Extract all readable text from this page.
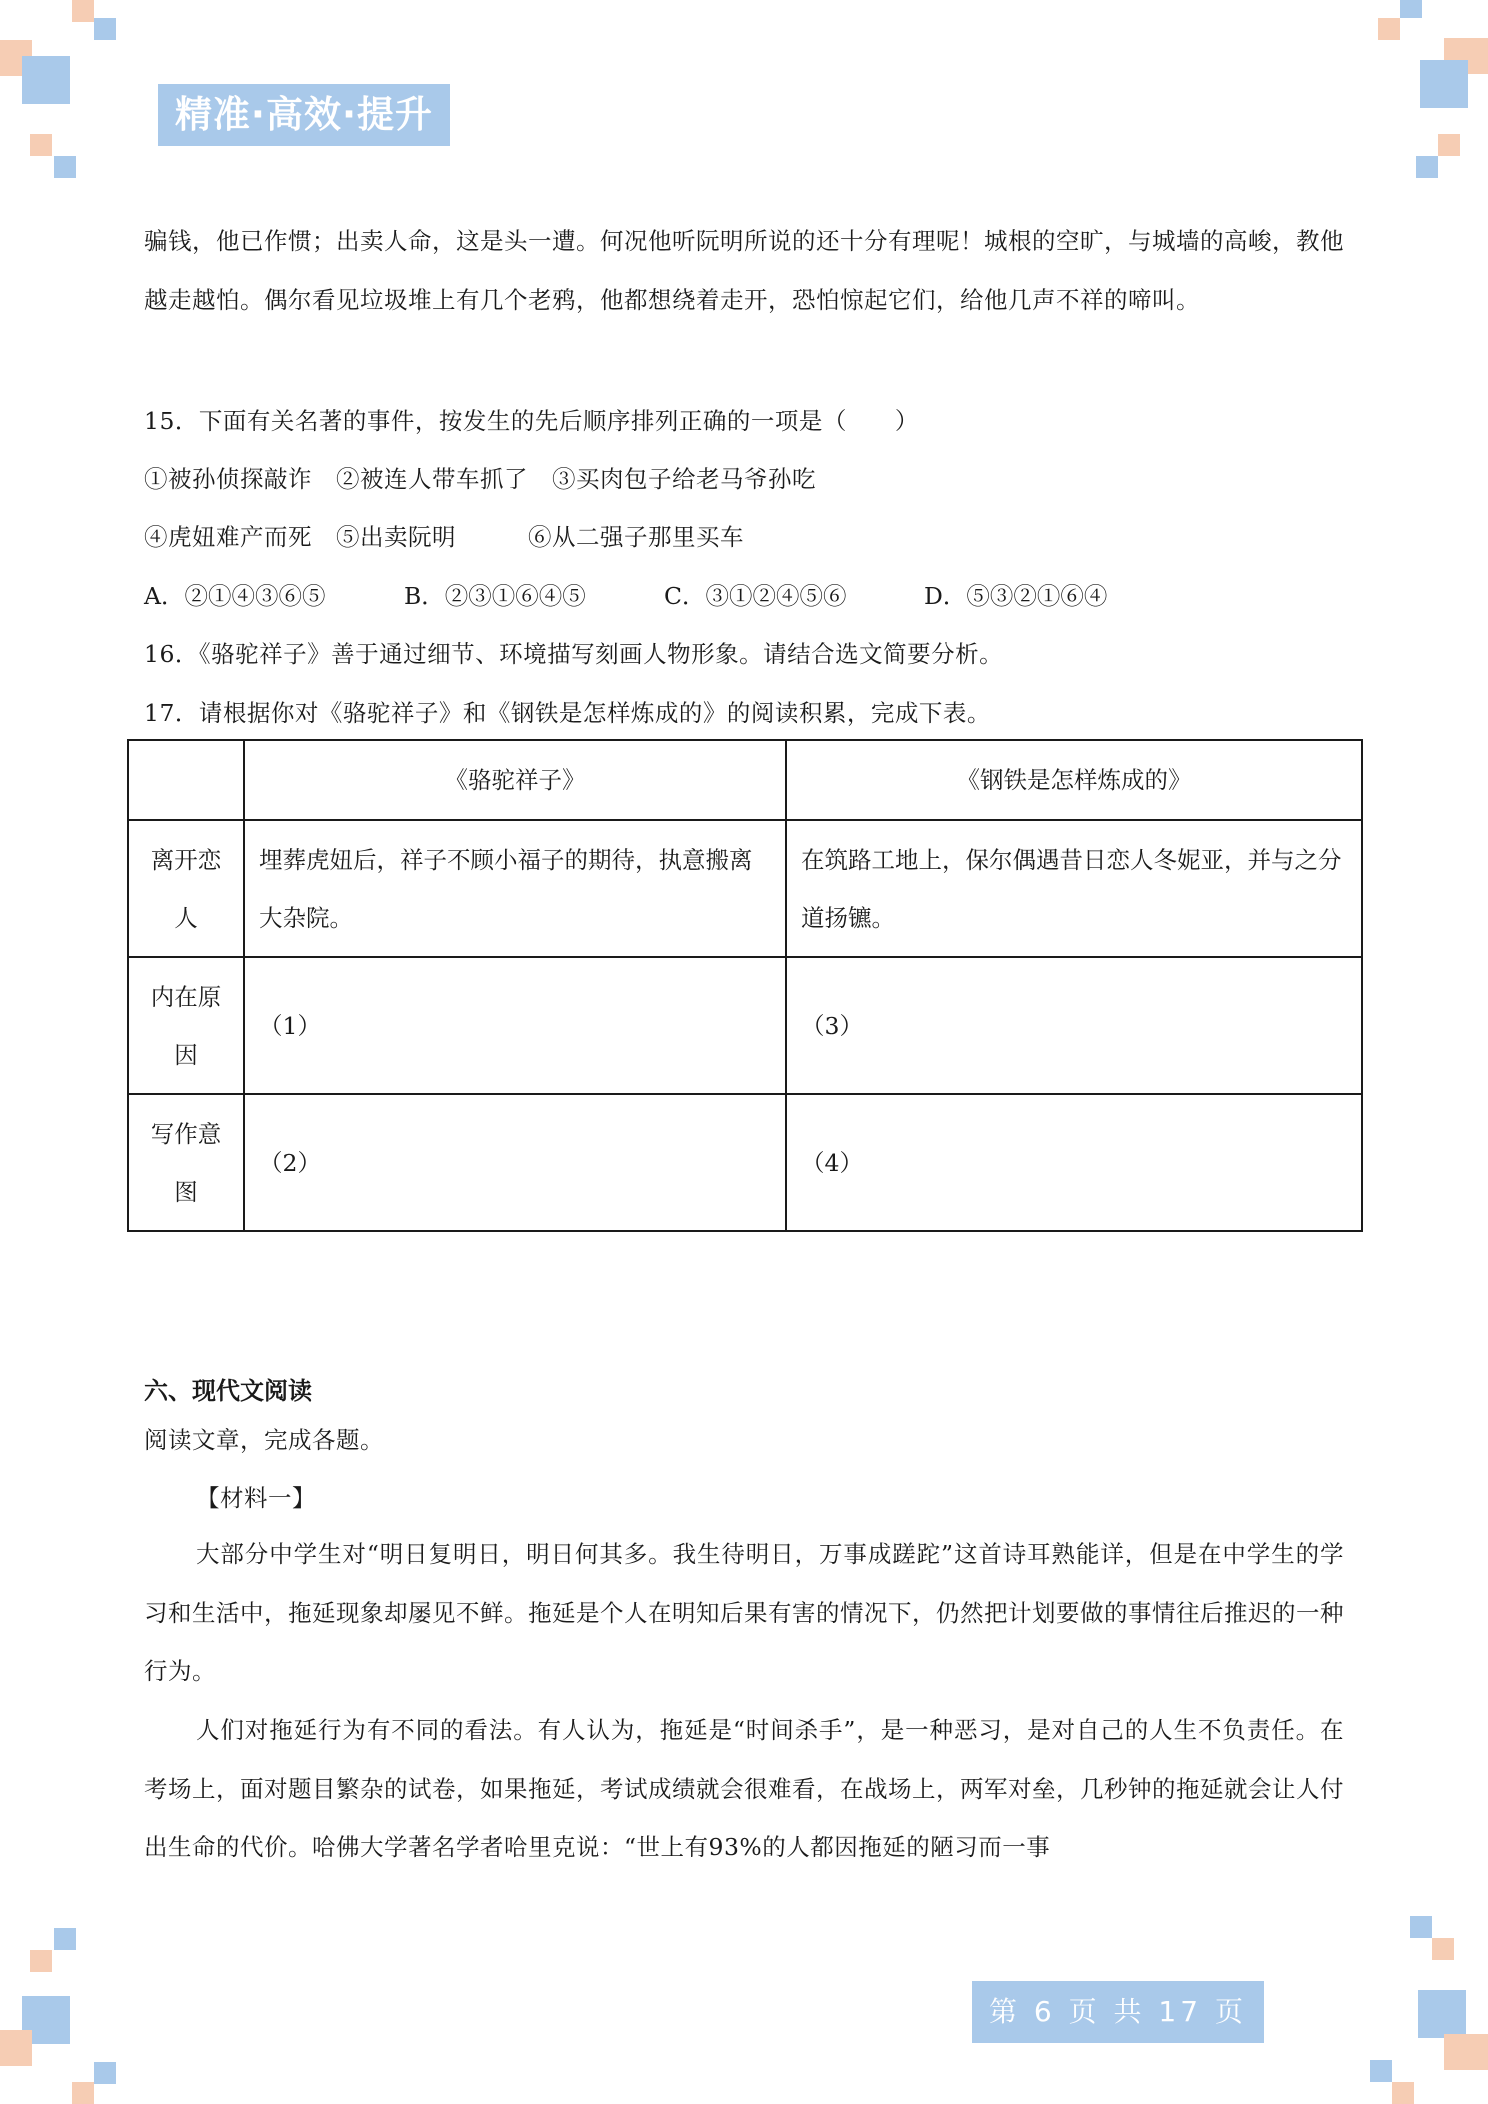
精准·高效·提升

骗钱，他已作惯；出卖人命，这是头一遭。何况他听阮明所说的还十分有理呢！城根的空旷，与城墙的高峻，教他越走越怕。偶尔看见垃圾堆上有几个老鸦，他都想绕着走开，恐怕惊起它们，给他几声不祥的啼叫。

15．下面有关名著的事件，按发生的先后顺序排列正确的一项是（　　）
①被孙侦探敲诈　②被连人带车抓了　③买肉包子给老马爷孙吃
④虎妞难产而死　⑤出卖阮明　　　⑥从二强子那里买车
A．②①④③⑥⑤	B．②③①⑥④⑤	C．③①②④⑤⑥	D．⑤③②①⑥④
16．《骆驼祥子》善于通过细节、环境描写刻画人物形象。请结合选文简要分析。
17．请根据你对《骆驼祥子》和《钢铁是怎样炼成的》的阅读积累，完成下表。
	《骆驼祥子》	《钢铁是怎样炼成的》
离开恋人	埋葬虎妞后，祥子不顾小福子的期待，执意搬离大杂院。	在筑路工地上，保尔偶遇昔日恋人冬妮亚，并与之分道扬镳。
内在原因	（1）	（3）
写作意图	（2）	（4）
六、现代文阅读
阅读文章，完成各题。
【材料一】

大部分中学生对“明日复明日，明日何其多。我生待明日，万事成蹉跎”这首诗耳熟能详，但是在中学生的学习和生活中，拖延现象却屡见不鲜。拖延是个人在明知后果有害的情况下，仍然把计划要做的事情往后推迟的一种行为。

人们对拖延行为有不同的看法。有人认为，拖延是“时间杀手”，是一种恶习，是对自己的人生不负责任。在考场上，面对题目繁杂的试卷，如果拖延，考试成绩就会很难看，在战场上，两军对垒，几秒钟的拖延就会让人付出生命的代价。哈佛大学著名学者哈里克说：“世上有93%的人都因拖延的陋习而一事

第 6 页 共 17 页
